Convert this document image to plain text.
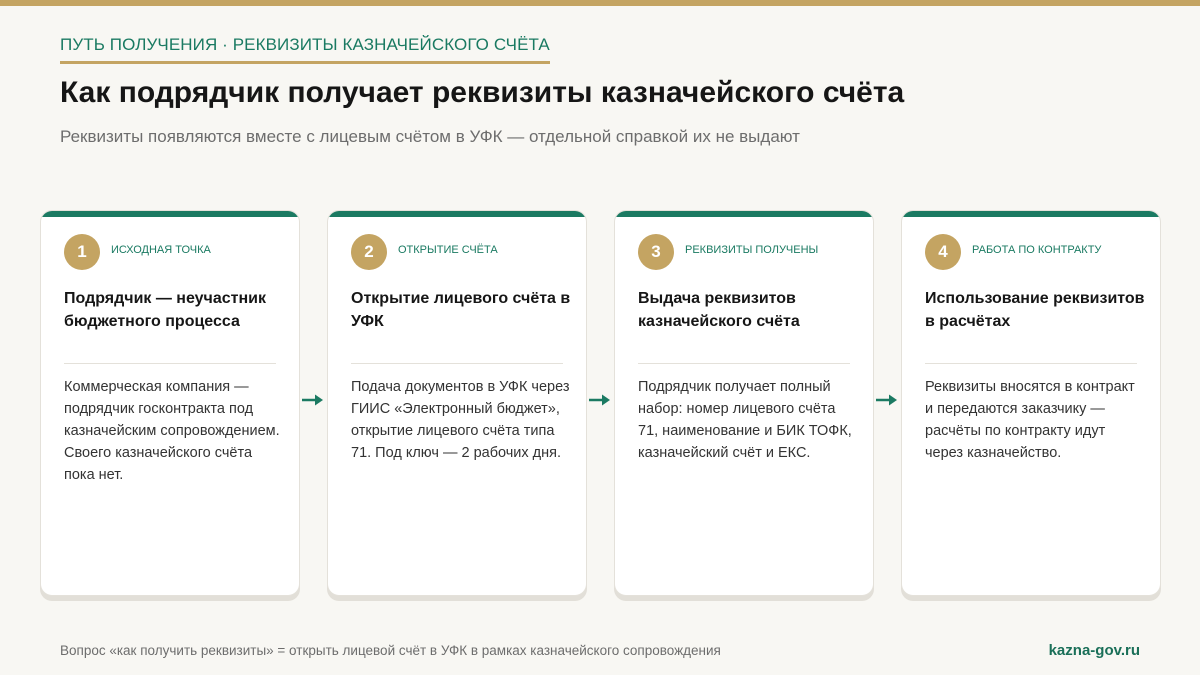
ПУТЬ ПОЛУЧЕНИЯ · РЕКВИЗИТЫ КАЗНАЧЕЙСКОГО СЧЁТА
Как подрядчик получает реквизиты казначейского счёта
Реквизиты появляются вместе с лицевым счётом в УФК — отдельной справкой их не выдают
1	ИСХОДНАЯ ТОЧКА
Подрядчик — неучастник бюджетного процесса
Коммерческая компания — подрядчик госконтракта под казначейским сопровождением. Своего казначейского счёта пока нет.
2	ОТКРЫТИЕ СЧЁТА
Открытие лицевого счёта в УФК
Подача документов в УФК через ГИИС «Электронный бюджет», открытие лицевого счёта типа 71. Под ключ — 2 рабочих дня.
3	РЕКВИЗИТЫ ПОЛУЧЕНЫ
Выдача реквизитов казначейского счёта
Подрядчик получает полный набор: номер лицевого счёта 71, наименование и БИК ТОФК, казначейский счёт и ЕКС.
4	РАБОТА ПО КОНТРАКТУ
Использование реквизитов в расчётах
Реквизиты вносятся в контракт и передаются заказчику — расчёты по контракту идут через казначейство.
Вопрос «как получить реквизиты» = открыть лицевой счёт в УФК в рамках казначейского сопровождения	kazna-gov.ru
